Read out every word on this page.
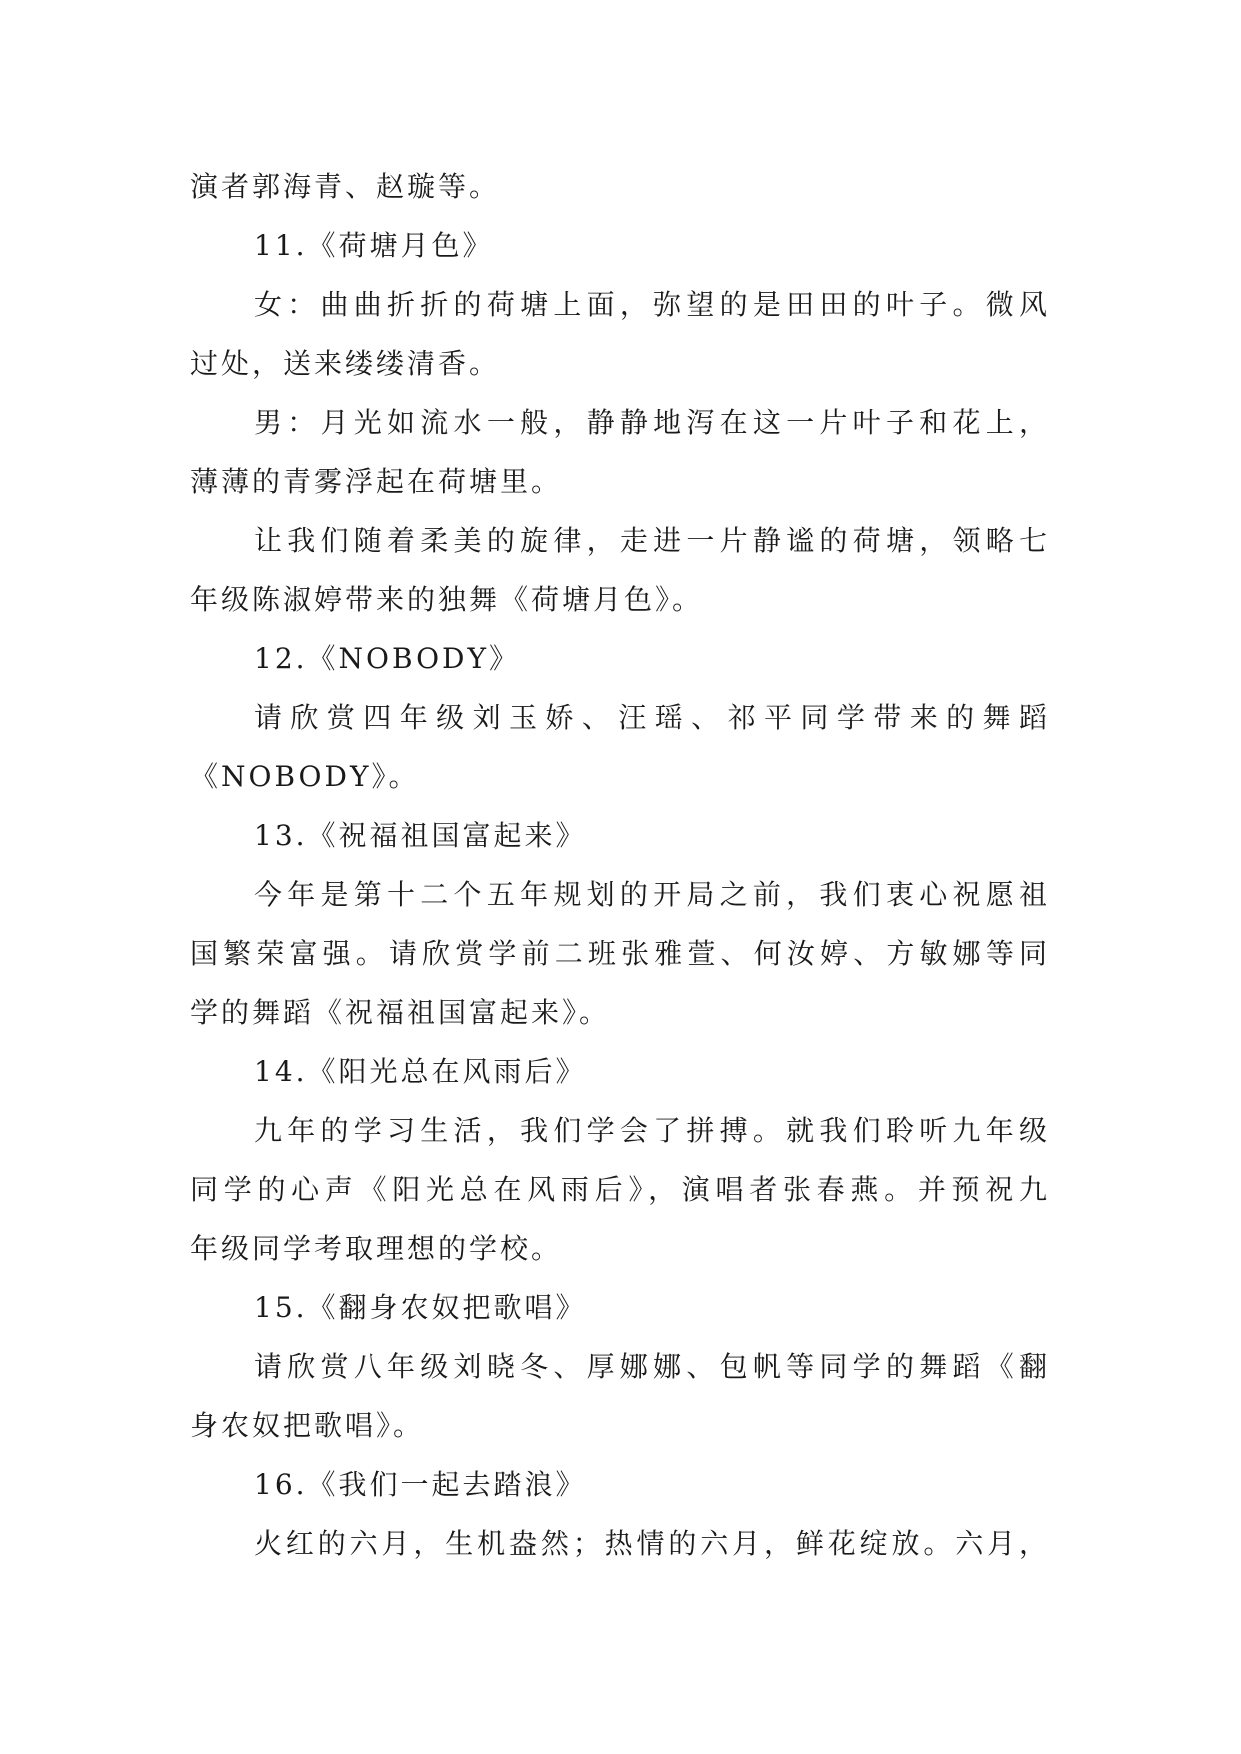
演者郭海青、赵璇等。
11.《荷塘月色》
女：曲曲折折的荷塘上面，弥望的是田田的叶子。微风
过处，送来缕缕清香。
男：月光如流水一般，静静地泻在这一片叶子和花上，
薄薄的青雾浮起在荷塘里。
让我们随着柔美的旋律，走进一片静谧的荷塘，领略七
年级陈淑婷带来的独舞《荷塘月色》。
12.《NOBODY》
请欣赏四年级刘玉娇、汪瑶、祁平同学带来的舞蹈
《NOBODY》。
13.《祝福祖国富起来》
今年是第十二个五年规划的开局之前，我们衷心祝愿祖
国繁荣富强。请欣赏学前二班张雅萱、何汝婷、方敏娜等同
学的舞蹈《祝福祖国富起来》。
14.《阳光总在风雨后》
九年的学习生活，我们学会了拼搏。就我们聆听九年级
同学的心声《阳光总在风雨后》，演唱者张春燕。并预祝九
年级同学考取理想的学校。
15.《翻身农奴把歌唱》
请欣赏八年级刘晓冬、厚娜娜、包帆等同学的舞蹈《翻
身农奴把歌唱》。
16.《我们一起去踏浪》
火红的六月，生机盎然；热情的六月，鲜花绽放。六月，
